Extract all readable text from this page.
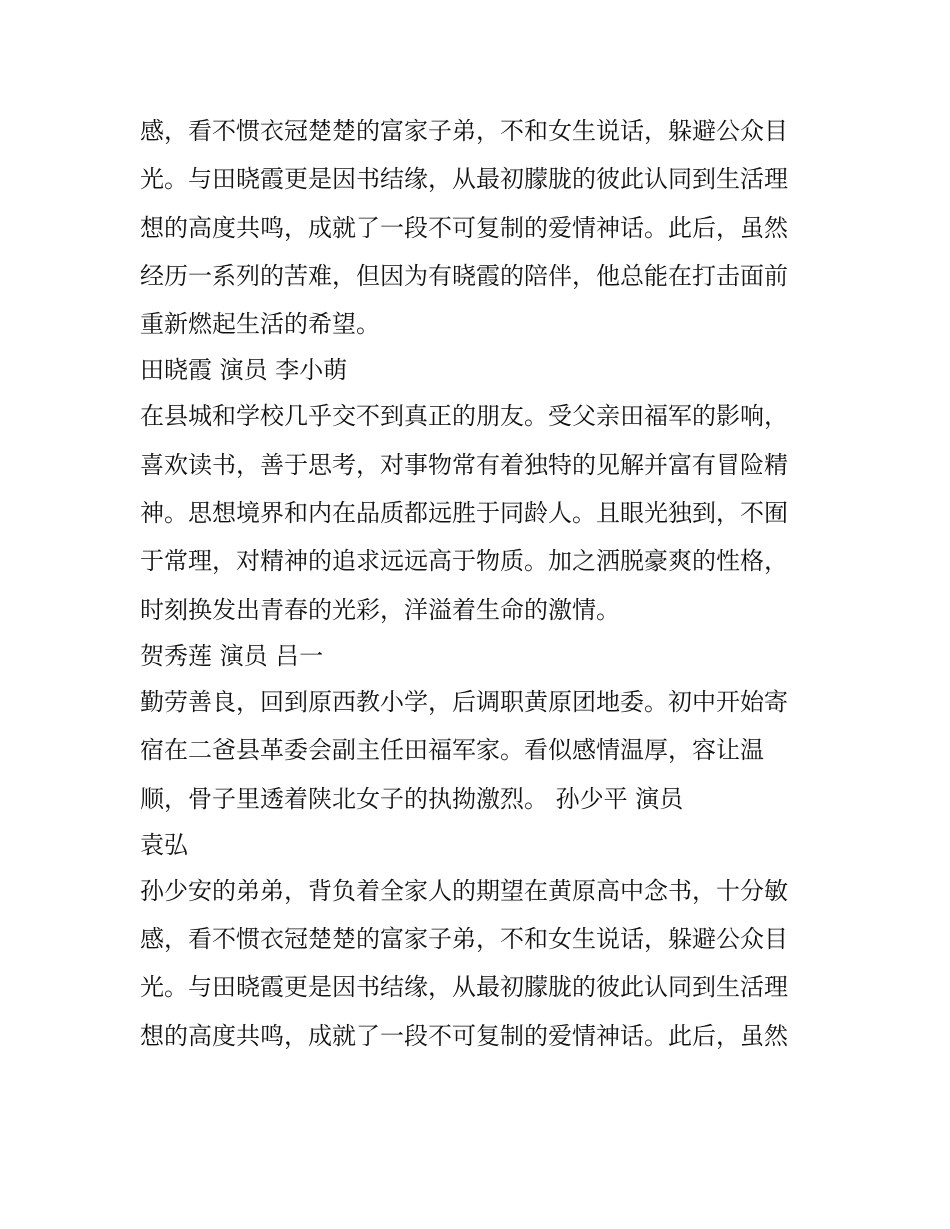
感，看不惯衣冠楚楚的富家子弟，不和女生说话，躲避公众目
光。与田晓霞更是因书结缘，从最初朦胧的彼此认同到生活理
想的高度共鸣，成就了一段不可复制的爱情神话。此后，虽然
经历一系列的苦难，但因为有晓霞的陪伴，他总能在打击面前
重新燃起生活的希望。
田晓霞 演员 李小萌
在县城和学校几乎交不到真正的朋友。受父亲田福军的影响，
喜欢读书，善于思考，对事物常有着独特的见解并富有冒险精
神。思想境界和内在品质都远胜于同龄人。且眼光独到，不囿
于常理，对精神的追求远远高于物质。加之洒脱豪爽的性格，
时刻换发出青春的光彩，洋溢着生命的激情。
贺秀莲 演员 吕一
勤劳善良，回到原西教小学，后调职黄原团地委。初中开始寄
宿在二爸县革委会副主任田福军家。看似感情温厚，容让温
顺，骨子里透着陕北女子的执拗激烈。 孙少平 演员
袁弘
孙少安的弟弟，背负着全家人的期望在黄原高中念书，十分敏
感，看不惯衣冠楚楚的富家子弟，不和女生说话，躲避公众目
光。与田晓霞更是因书结缘，从最初朦胧的彼此认同到生活理
想的高度共鸣，成就了一段不可复制的爱情神话。此后，虽然
